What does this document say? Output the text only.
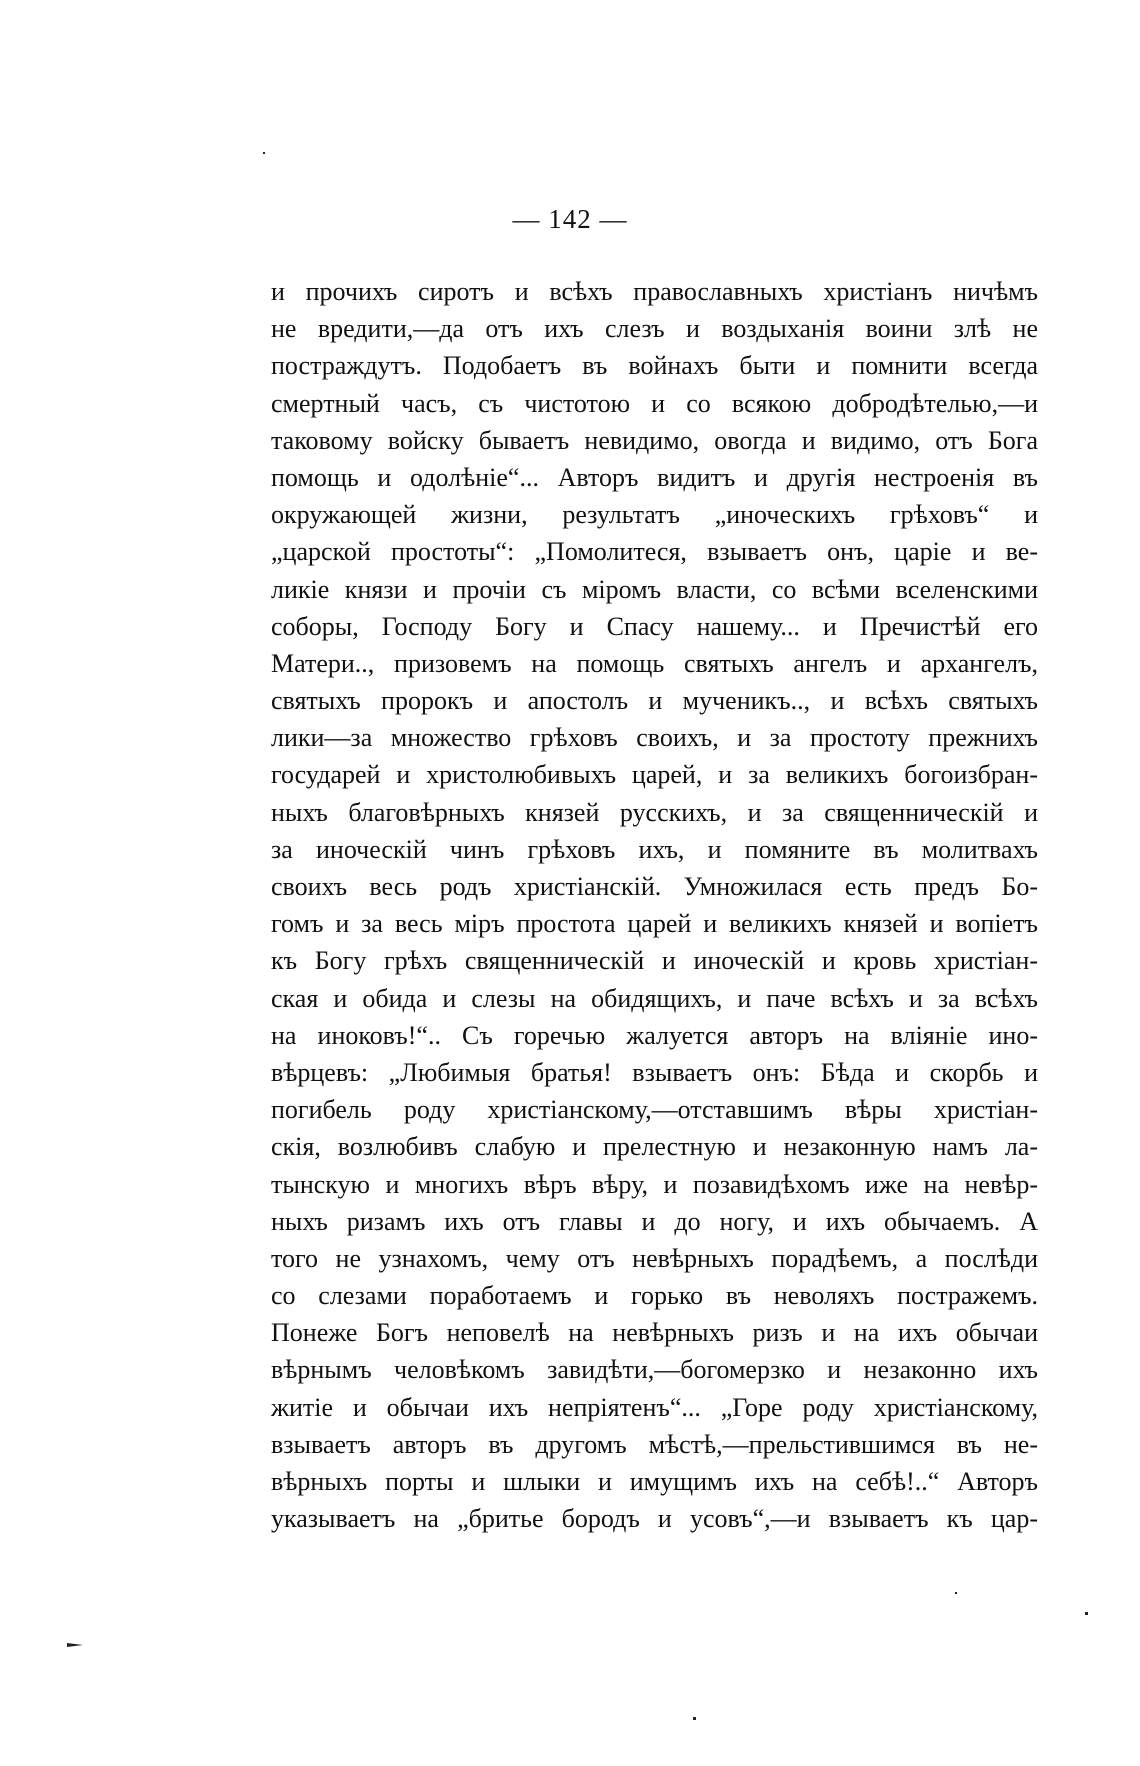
— 142 —
и прочихъ сиротъ и всѣхъ православныхъ христіанъ ничѣмъ
не вредити,—да отъ ихъ слезъ и воздыханія воини злѣ не
постраждутъ. Подобаетъ въ войнахъ быти и помнити всегда
смертный часъ, съ чистотою и со всякою добродѣтелью,—и
таковому войску бываетъ невидимо, овогда и видимо, отъ Бога
помощь и одолѣніе“... Авторъ видитъ и другія нестроенія въ
окружающей жизни, результатъ „иноческихъ грѣховъ“ и
„царской простоты“: „Помолитеся, взываетъ онъ, царіе и ве-
ликіе князи и прочіи съ міромъ власти, со всѣми вселенскими
соборы, Господу Богу и Спасу нашему... и Пречистѣй его
Матери.., призовемъ на помощь святыхъ ангелъ и архангелъ,
святыхъ пророкъ и апостолъ и мученикъ.., и всѣхъ святыхъ
лики—за множество грѣховъ своихъ, и за простоту прежнихъ
государей и христолюбивыхъ царей, и за великихъ богоизбран-
ныхъ благовѣрныхъ князей русскихъ, и за священническій и
за иноческій чинъ грѣховъ ихъ, и помяните въ молитвахъ
своихъ весь родъ христіанскій. Умножилася есть предъ Бо-
гомъ и за весь міръ простота царей и великихъ князей и вопіетъ
къ Богу грѣхъ священническій и иноческій и кровь христіан-
ская и обида и слезы на обидящихъ, и паче всѣхъ и за всѣхъ
на иноковъ!“.. Съ горечью жалуется авторъ на вліяніе ино-
вѣрцевъ: „Любимыя братья! взываетъ онъ: Бѣда и скорбь и
погибель роду христіанскому,—отставшимъ вѣры христіан-
скія, возлюбивъ слабую и прелестную и незаконную намъ ла-
тынскую и многихъ вѣръ вѣру, и позавидѣхомъ иже на невѣр-
ныхъ ризамъ ихъ отъ главы и до ногу, и ихъ обычаемъ. А
того не узнахомъ, чему отъ невѣрныхъ порадѣемъ, а послѣди
со слезами поработаемъ и горько въ неволяхъ постражемъ.
Понеже Богъ неповелѣ на невѣрныхъ ризъ и на ихъ обычаи
вѣрнымъ человѣкомъ завидѣти,—богомерзко и незаконно ихъ
житіе и обычаи ихъ непріятенъ“... „Горе роду христіанскому,
взываетъ авторъ въ другомъ мѣстѣ,—прельстившимся въ не-
вѣрныхъ порты и шлыки и имущимъ ихъ на себѣ!..“ Авторъ
указываетъ на „бритье бородъ и усовъ“,—и взываетъ къ цар-
